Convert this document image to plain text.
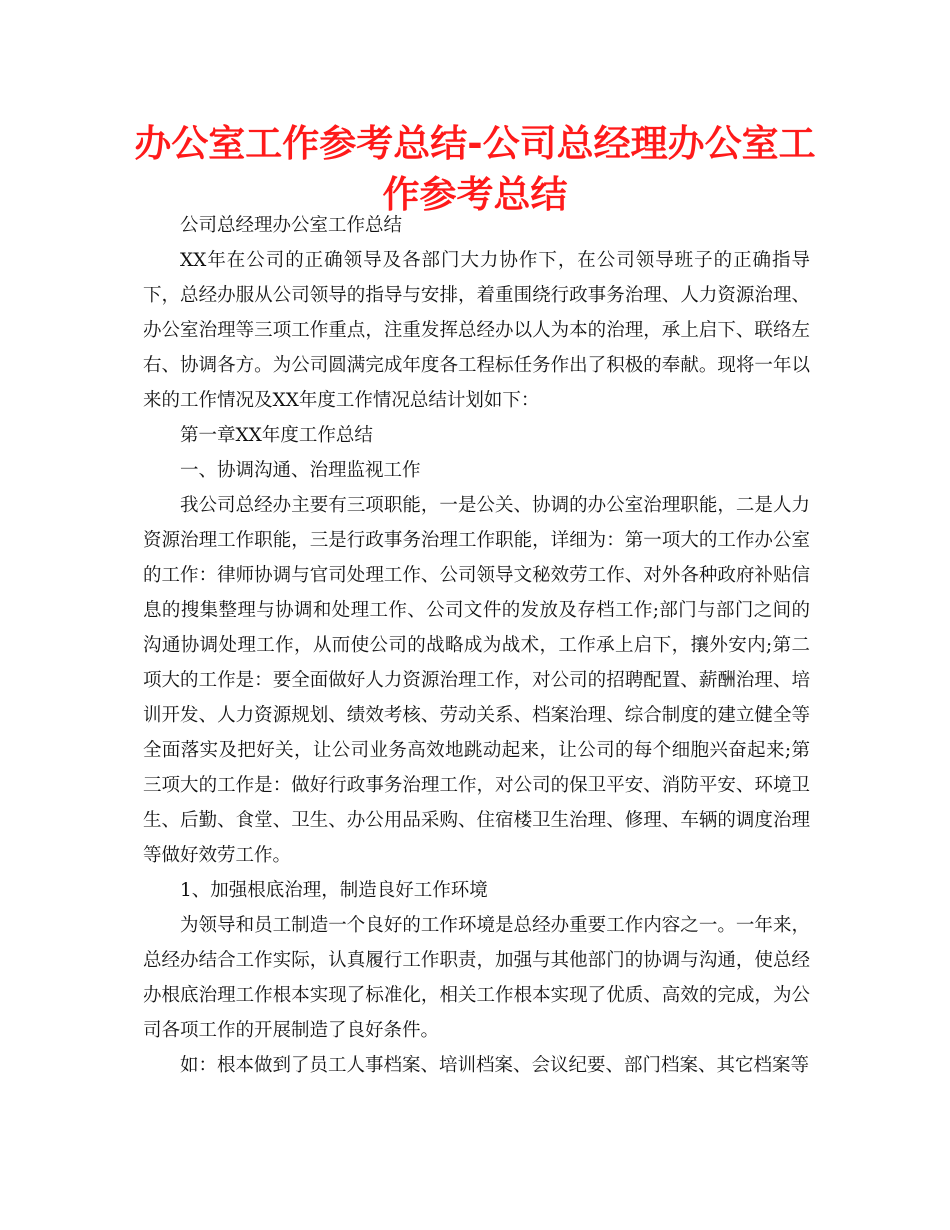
办公室工作参考总结-公司总经理办公室工作参考总结

公司总经理办公室工作总结

XX年在公司的正确领导及各部门大力协作下，在公司领导班子的正确指导下，总经办服从公司领导的指导与安排，着重围绕行政事务治理、人力资源治理、办公室治理等三项工作重点，注重发挥总经办以人为本的治理，承上启下、联络左右、协调各方。为公司圆满完成年度各工程标任务作出了积极的奉献。现将一年以来的工作情况及XX年度工作情况总结计划如下：

第一章XX年度工作总结

一、协调沟通、治理监视工作

我公司总经办主要有三项职能，一是公关、协调的办公室治理职能，二是人力资源治理工作职能，三是行政事务治理工作职能，详细为：第一项大的工作办公室的工作：律师协调与官司处理工作、公司领导文秘效劳工作、对外各种政府补贴信息的搜集整理与协调和处理工作、公司文件的发放及存档工作;部门与部门之间的沟通协调处理工作，从而使公司的战略成为战术，工作承上启下，攘外安内;第二项大的工作是：要全面做好人力资源治理工作，对公司的招聘配置、薪酬治理、培训开发、人力资源规划、绩效考核、劳动关系、档案治理、综合制度的建立健全等全面落实及把好关，让公司业务高效地跳动起来，让公司的每个细胞兴奋起来;第三项大的工作是：做好行政事务治理工作，对公司的保卫平安、消防平安、环境卫生、后勤、食堂、卫生、办公用品采购、住宿楼卫生治理、修理、车辆的调度治理等做好效劳工作。

1、加强根底治理，制造良好工作环境

为领导和员工制造一个良好的工作环境是总经办重要工作内容之一。一年来，总经办结合工作实际，认真履行工作职责，加强与其他部门的协调与沟通，使总经办根底治理工作根本实现了标准化，相关工作根本实现了优质、高效的完成，为公司各项工作的开展制造了良好条件。

如：根本做到了员工人事档案、培训档案、会议纪要、部门档案、其它档案等
